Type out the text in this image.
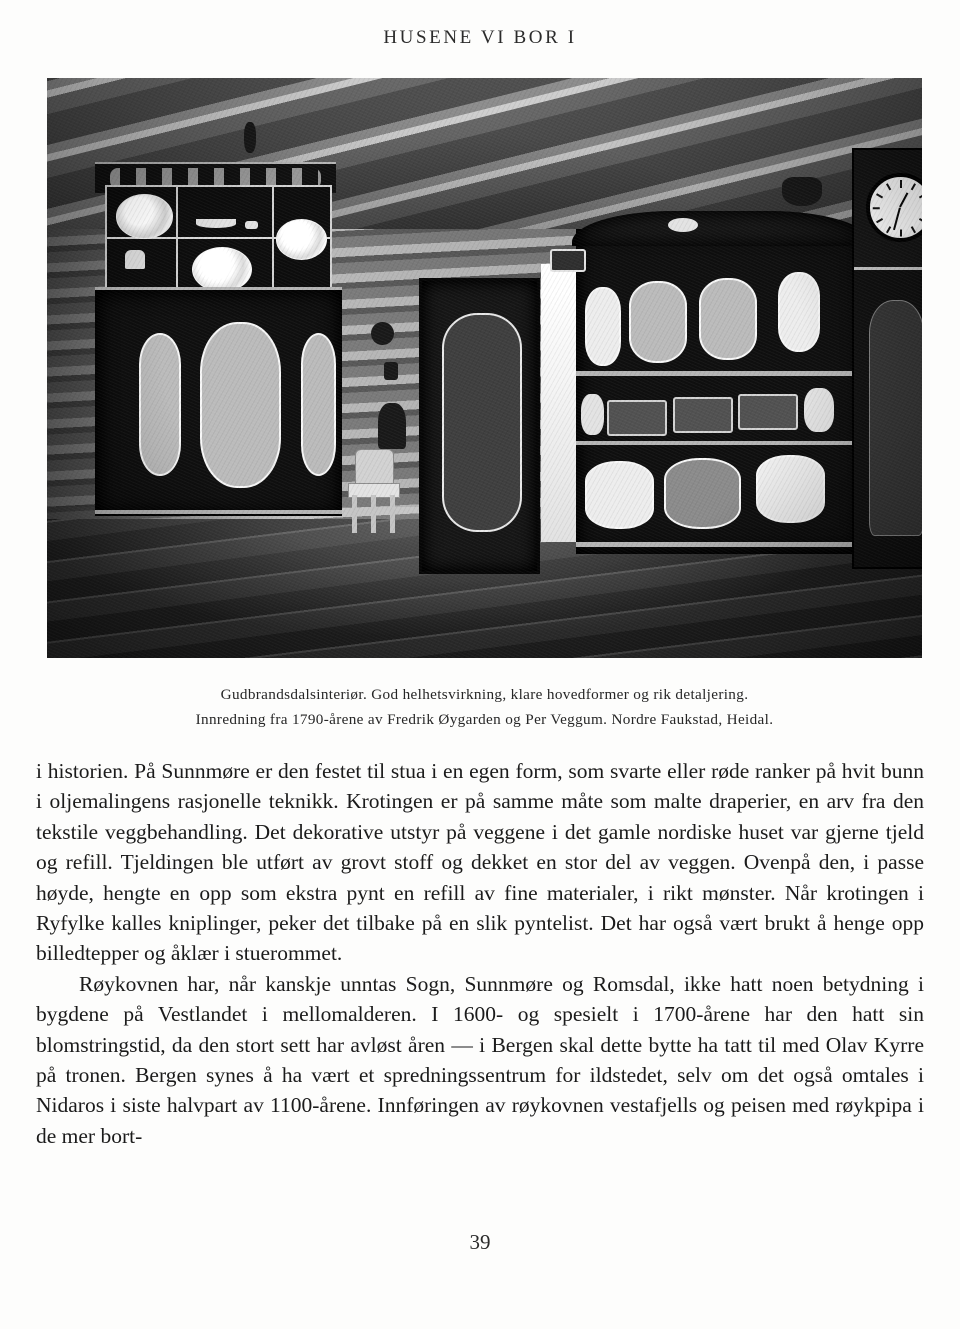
HUSENE VI BOR I
Gudbrandsdalsinteriør. God helhetsvirkning, klare hovedformer og rik detaljering.
Innredning fra 1790-årene av Fredrik Øygarden og Per Veggum. Nordre Faukstad, Heidal.

i historien. På Sunnmøre er den festet til stua i en egen form, som svarte eller røde ranker på hvit bunn i oljemalingens rasjonelle teknikk. Krotingen er på samme måte som malte draperier, en arv fra den tekstile veggbehandling. Det dekorative utstyr på veggene i det gamle nordiske huset var gjerne tjeld og refill. Tjeldingen ble utført av grovt stoff og dekket en stor del av veggen. Ovenpå den, i passe høyde, hengte en opp som ekstra pynt en refill av fine materialer, i rikt mønster. Når krotingen i Ryfylke kalles kniplinger, peker det tilbake på en slik pyntelist. Det har også vært brukt å henge opp billedtepper og åklær i stuerommet.

Røykovnen har, når kanskje unntas Sogn, Sunnmøre og Romsdal, ikke hatt noen betydning i bygdene på Vestlandet i mellomalderen. I 1600- og spesielt i 1700-årene har den hatt sin blomstringstid, da den stort sett har avløst åren — i Bergen skal dette bytte ha tatt til med Olav Kyrre på tronen. Bergen synes å ha vært et spredningssentrum for ildstedet, selv om det også omtales i Nidaros i siste halvpart av 1100-årene. Innføringen av røykovnen vestafjells og peisen med røykpipa i de mer bort-

39
